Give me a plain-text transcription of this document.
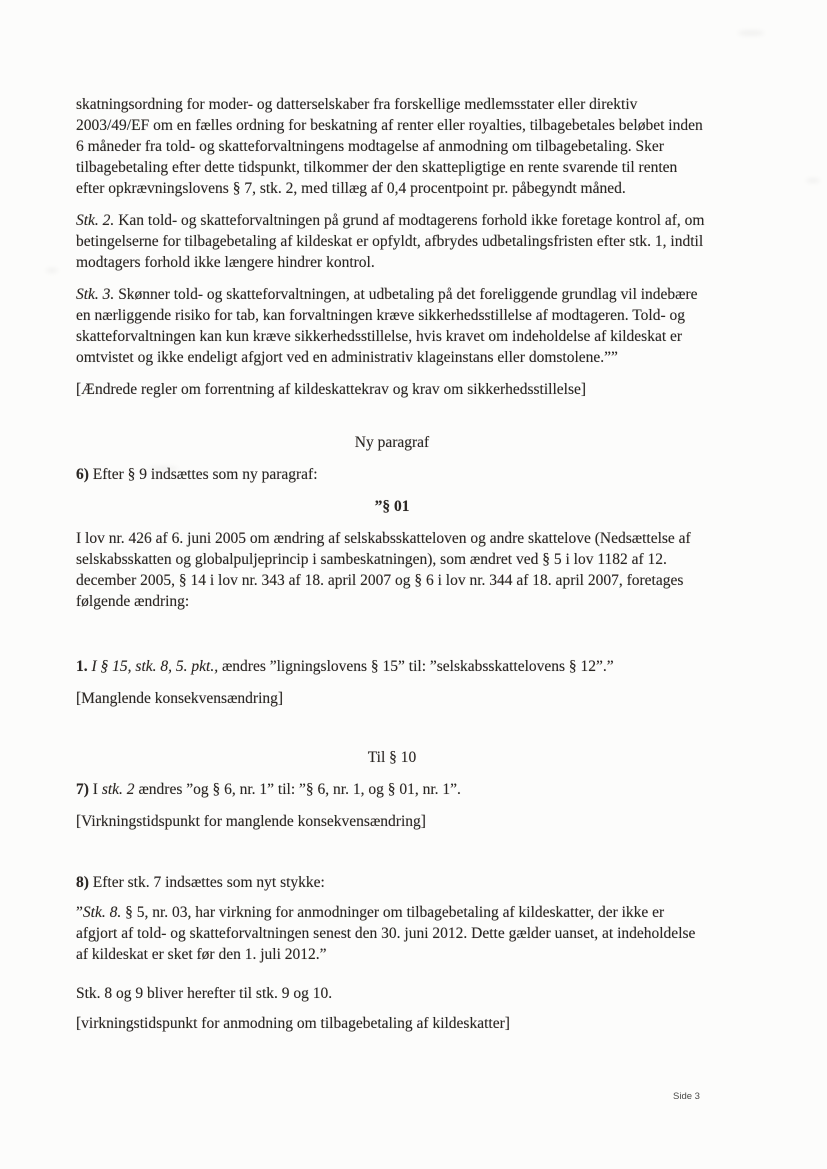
skatningsordning for moder- og datterselskaber fra forskellige medlemsstater eller direktiv 2003/49/EF om en fælles ordning for beskatning af renter eller royalties, tilbagebetales beløbet inden 6 måneder fra told- og skatteforvaltningens modtagelse af anmodning om tilbagebetaling. Sker tilbagebetaling efter dette tidspunkt, tilkommer der den skattepligtige en rente svarende til renten efter opkrævningslovens § 7, stk. 2, med tillæg af 0,4 procentpoint pr. påbegyndt måned.

Stk. 2. Kan told- og skatteforvaltningen på grund af modtagerens forhold ikke foretage kontrol af, om betingelserne for tilbagebetaling af kildeskat er opfyldt, afbrydes udbetalingsfristen efter stk. 1, indtil modtagers forhold ikke længere hindrer kontrol.

Stk. 3. Skønner told- og skatteforvaltningen, at udbetaling på det foreliggende grundlag vil indebære en nærliggende risiko for tab, kan forvaltningen kræve sikkerhedsstillelse af modtageren. Told- og skatteforvaltningen kan kun kræve sikkerhedsstillelse, hvis kravet om indeholdelse af kildeskat er omtvistet og ikke endeligt afgjort ved en administrativ klageinstans eller domstolene.””

[Ændrede regler om forrentning af kildeskattekrav og krav om sikkerhedsstillelse]

Ny paragraf

6) Efter § 9 indsættes som ny paragraf:

”§ 01

I lov nr. 426 af 6. juni 2005 om ændring af selskabsskatteloven og andre skattelove (Nedsættelse af selskabsskatten og globalpuljeprincip i sambeskatningen), som ændret ved § 5 i lov 1182 af 12. december 2005, § 14 i lov nr. 343 af 18. april 2007 og § 6 i lov nr. 344 af 18. april 2007, foretages følgende ændring:

1. I § 15, stk. 8, 5. pkt., ændres ”ligningslovens § 15” til: ”selskabsskattelovens § 12”.”

[Manglende konsekvensændring]

Til § 10

7) I stk. 2 ændres ”og § 6, nr. 1” til: ”§ 6, nr. 1, og § 01, nr. 1”.

[Virkningstidspunkt for manglende konsekvensændring]

8) Efter stk. 7 indsættes som nyt stykke:

”Stk. 8. § 5, nr. 03, har virkning for anmodninger om tilbagebetaling af kildeskatter, der ikke er afgjort af told- og skatteforvaltningen senest den 30. juni 2012. Dette gælder uanset, at indeholdelse af kildeskat er sket før den 1. juli 2012.”

Stk. 8 og 9 bliver herefter til stk. 9 og 10.

[virkningstidspunkt for anmodning om tilbagebetaling af kildeskatter]

Side 3
